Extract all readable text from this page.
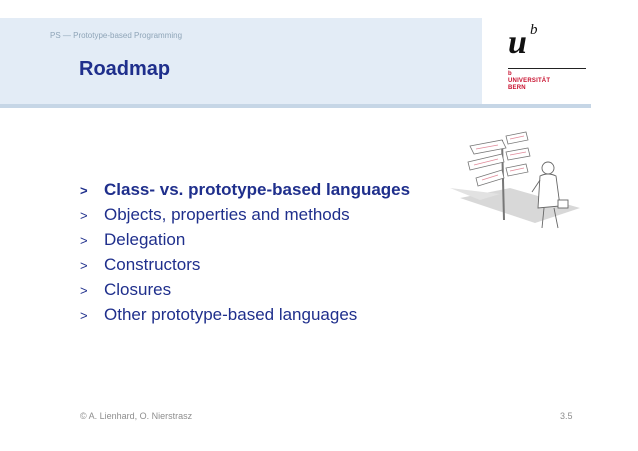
PS — Prototype-based Programming
Roadmap
u b
b
UNIVERSITÄT
BERN
> Class- vs. prototype-based languages
> Objects, properties and methods
> Delegation
> Constructors
> Closures
> Other prototype-based languages
© A. Lienhard, O. Nierstrasz	3.5
